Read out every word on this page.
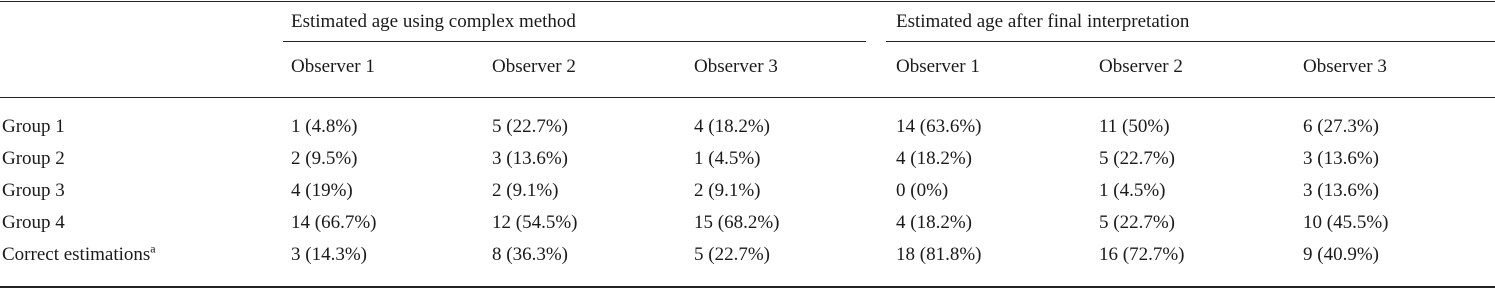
Estimated age using complex method	Estimated age after final interpretation
Observer 1	Observer 2	Observer 3	Observer 1	Observer 2	Observer 3
Group 1	1 (4.8%)	5 (22.7%)	4 (18.2%)	14 (63.6%)	11 (50%)	6 (27.3%)
Group 2	2 (9.5%)	3 (13.6%)	1 (4.5%)	4 (18.2%)	5 (22.7%)	3 (13.6%)
Group 3	4 (19%)	2 (9.1%)	2 (9.1%)	0 (0%)	1 (4.5%)	3 (13.6%)
Group 4	14 (66.7%)	12 (54.5%)	15 (68.2%)	4 (18.2%)	5 (22.7%)	10 (45.5%)
Correct estimations$^a$	3 (14.3%)	8 (36.3%)	5 (22.7%)	18 (81.8%)	16 (72.7%)	9 (40.9%)
